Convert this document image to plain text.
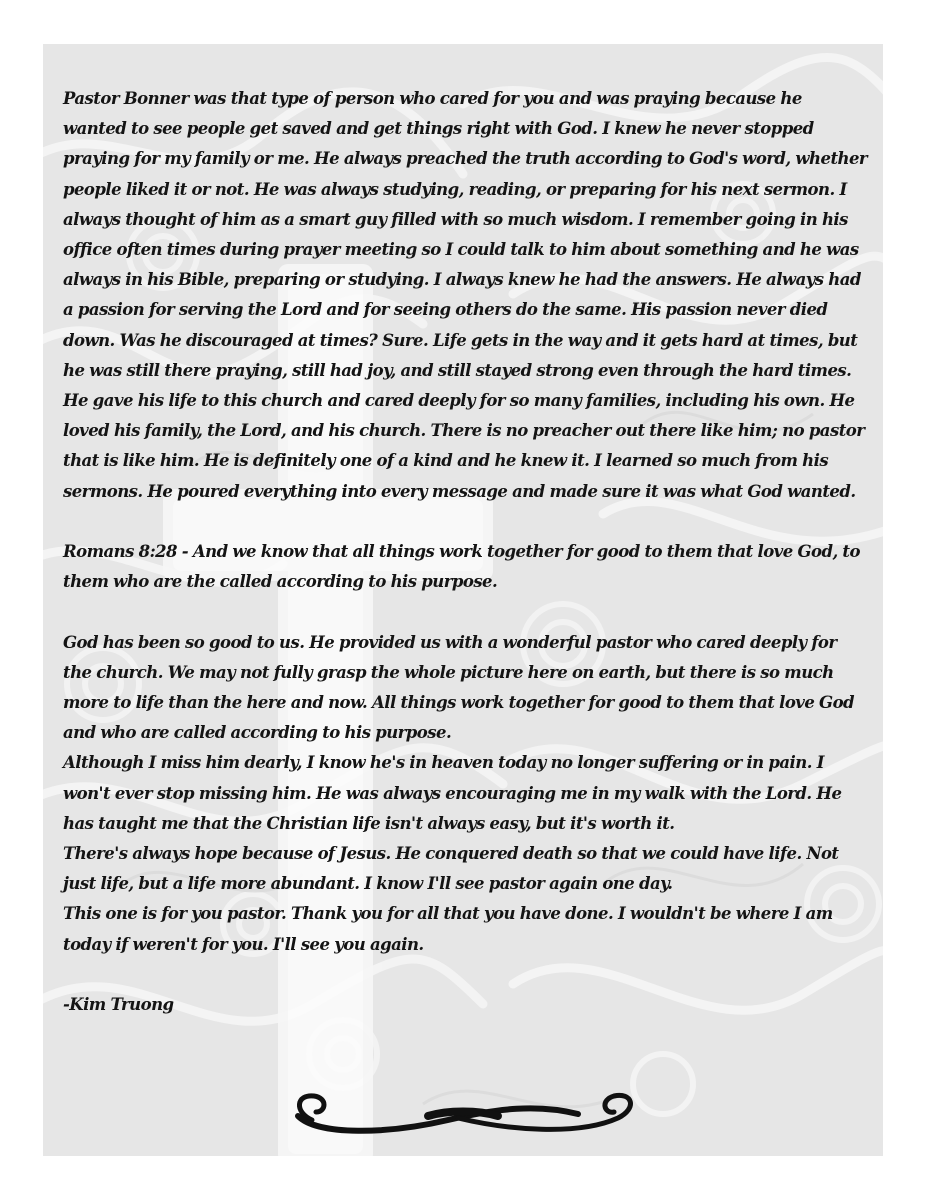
Pastor Bonner was that type of person who cared for you and was praying because he wanted to see people get saved and get things right with God. I knew he never stopped praying for my family or me. He always preached the truth according to God's word, whether people liked it or not. He was always studying, reading, or preparing for his next sermon. I always thought of him as a smart guy filled with so much wisdom. I remember going in his office often times during prayer meeting so I could talk to him about something and he was always in his Bible, preparing or studying. I always knew he had the answers. He always had a passion for serving the Lord and for seeing others do the same. His passion never died down. Was he discouraged at times? Sure. Life gets in the way and it gets hard at times, but he was still there praying, still had joy, and still stayed strong even through the hard times. He gave his life to this church and cared deeply for so many families, including his own. He loved his family, the Lord, and his church. There is no preacher out there like him; no pastor that is like him. He is definitely one of a kind and he knew it. I learned so much from his sermons. He poured everything into every message and made sure it was what God wanted.

Romans 8:28 - And we know that all things work together for good to them that love God, to them who are the called according to his purpose.

God has been so good to us. He provided us with a wonderful pastor who cared deeply for the church. We may not fully grasp the whole picture here on earth, but there is so much more to life than the here and now. All things work together for good to them that love God and who are called according to his purpose.

Although I miss him dearly, I know he's in heaven today no longer suffering or in pain. I won't ever stop missing him. He was always encouraging me in my walk with the Lord. He has taught me that the Christian life isn't always easy, but it's worth it.

There's always hope because of Jesus. He conquered death so that we could have life. Not just life, but a life more abundant. I know I'll see pastor again one day.

This one is for you pastor. Thank you for all that you have done. I wouldn't be where I am today if weren't for you. I'll see you again.

-Kim Truong
